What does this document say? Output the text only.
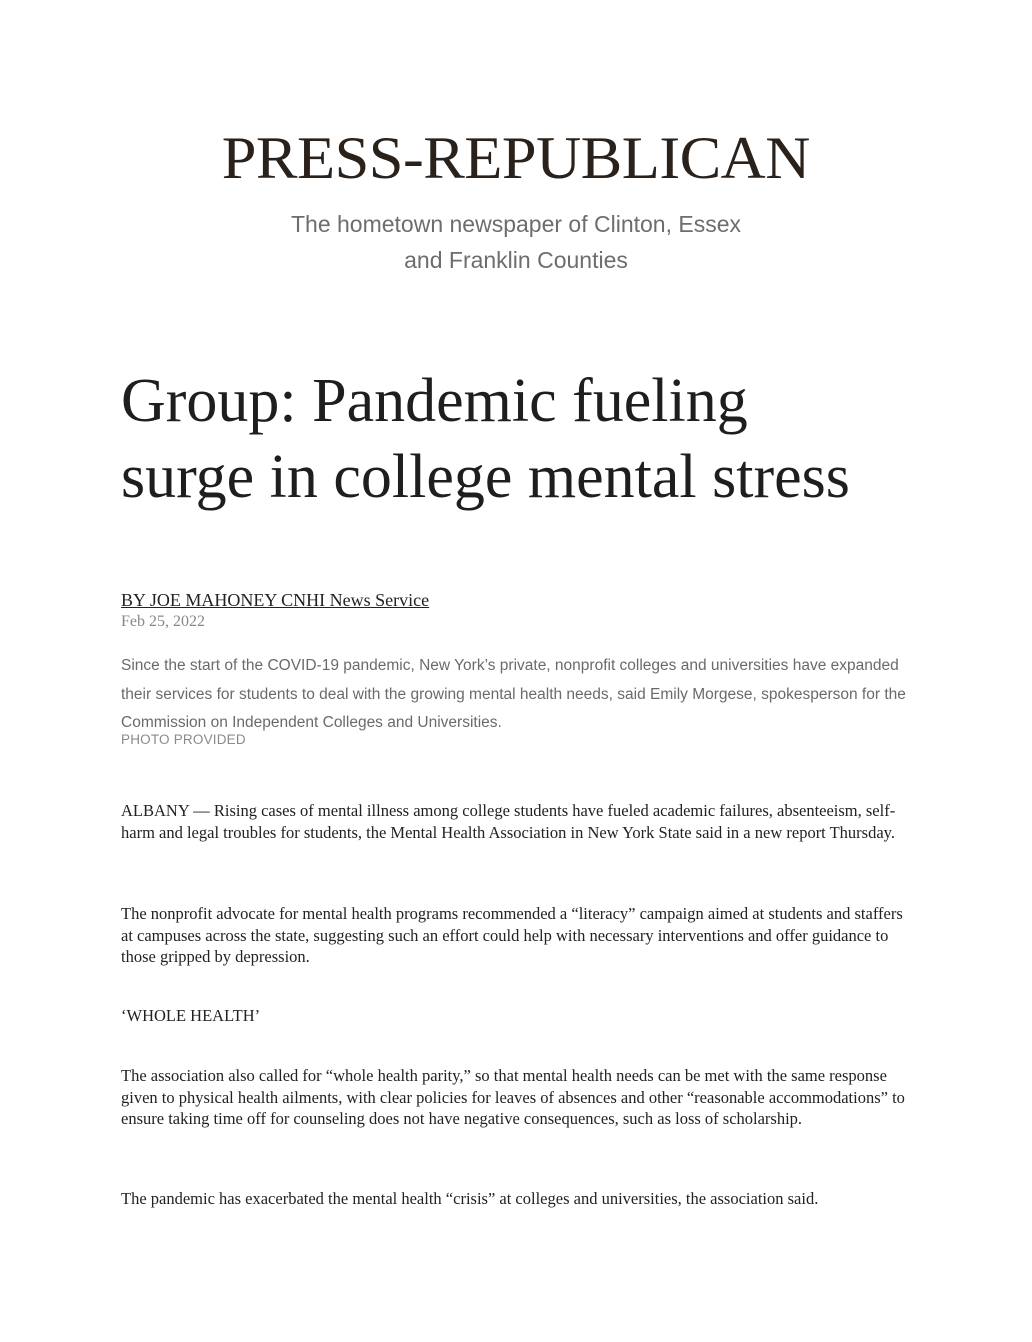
PRESS-REPUBLICAN
The hometown newspaper of Clinton, Essex
and Franklin Counties
Group: Pandemic fueling
surge in college mental stress
BY JOE MAHONEY CNHI News Service
Feb 25, 2022

Since the start of the COVID-19 pandemic, New York’s private, nonprofit colleges and universities have expanded their services for students to deal with the growing mental health needs, said Emily Morgese, spokesperson for the Commission on Independent Colleges and Universities.

PHOTO PROVIDED

ALBANY — Rising cases of mental illness among college students have fueled academic failures, absenteeism, self-harm and legal troubles for students, the Mental Health Association in New York State said in a new report Thursday.

The nonprofit advocate for mental health programs recommended a “literacy” campaign aimed at students and staffers at campuses across the state, suggesting such an effort could help with necessary interventions and offer guidance to those gripped by depression.

‘WHOLE HEALTH’

The association also called for “whole health parity,” so that mental health needs can be met with the same response given to physical health ailments, with clear policies for leaves of absences and other “reasonable accommodations” to ensure taking time off for counseling does not have negative consequences, such as loss of scholarship.

The pandemic has exacerbated the mental health “crisis” at colleges and universities, the association said.
